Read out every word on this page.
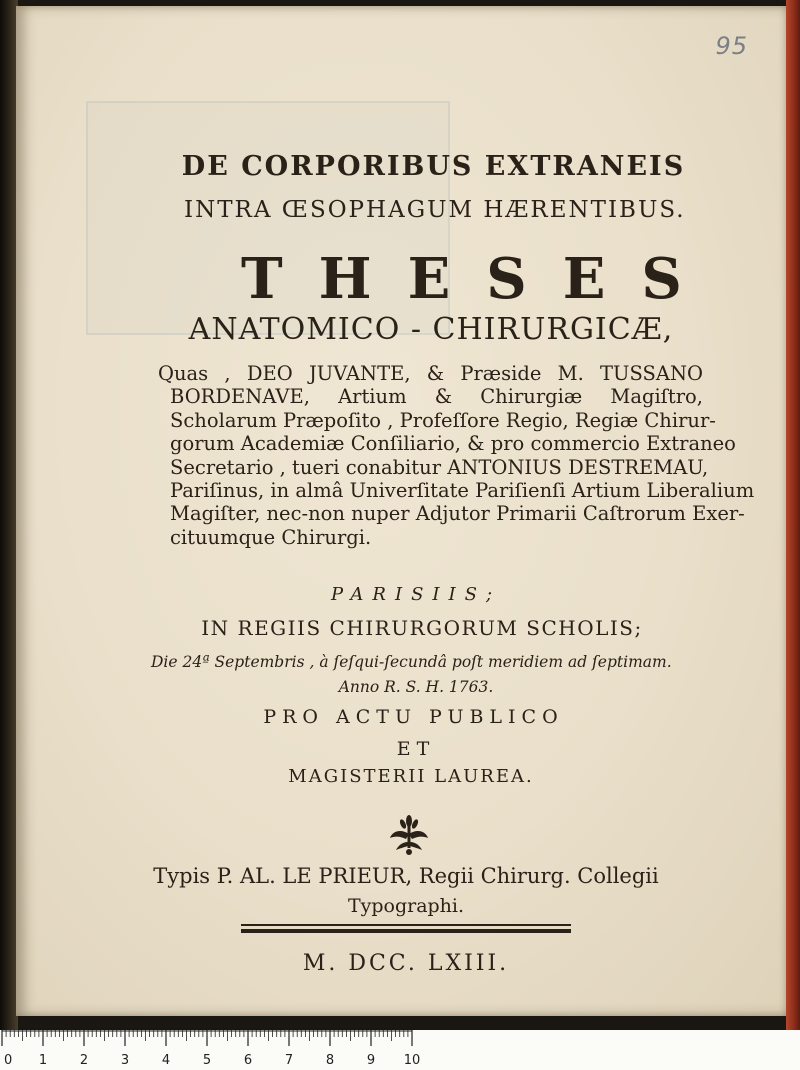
95
DE CORPORIBUS EXTRANEIS
INTRA ŒSOPHAGUM HÆRENTIBUS.
THESES
ANATOMICO - CHIRURGICÆ,
Quas , DEO JUVANTE, & Præside M. TUSSANO
BORDENAVE, Artium & Chirurgiæ Magiſtro,
Scholarum Præpoſito , Profeſſore Regio, Regiæ Chirur-
gorum Academiæ Conſiliario, & pro commercio Extraneo
Secretario , tueri conabitur ANTONIUS DESTREMAU,
Pariſinus, in almâ Univerſitate Pariſienſi Artium Liberalium
Magiſter, nec-non nuper Adjutor Primarii Caſtrorum Exer-
cituumque Chirurgi.
PARISIIS;
IN REGIIS CHIRURGORUM SCHOLIS;
Die 24ª Septembris , à ſeſqui-ſecundâ poſt meridiem ad ſeptimam.
Anno R. S. H. 1763.
PRO ACTU PUBLICO
ET
MAGISTERII LAUREA.
Typis P. AL. LE PRIEUR, Regii Chirurg. Collegii
Typographi.
M. DCC. LXIII.
0 1	2	3	4	5	6	7	8	9 10
